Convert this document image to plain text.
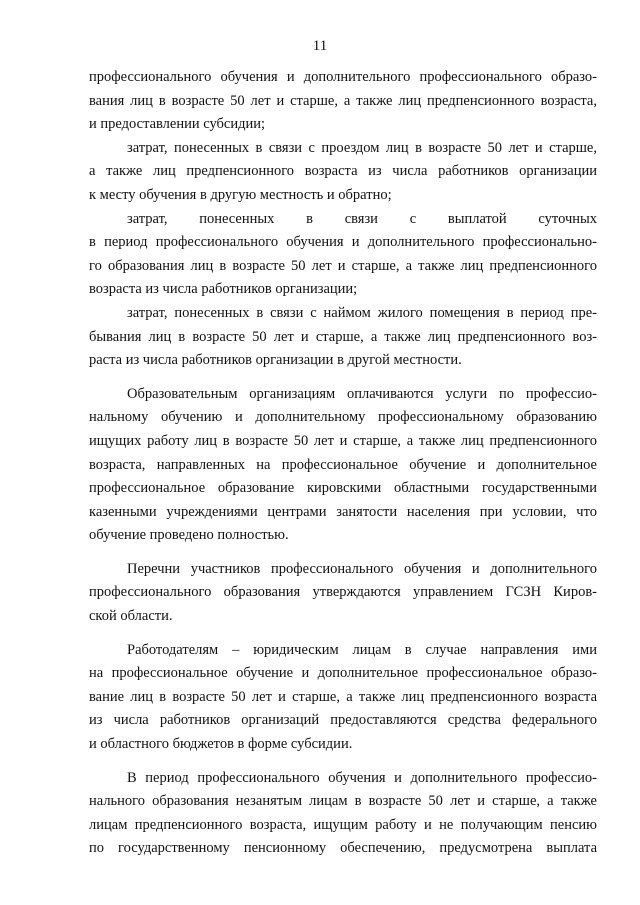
11
профессионального обучения и дополнительного профессионального образо-
вания лиц в возрасте 50 лет и старше, а также лиц предпенсионного возраста,
и предоставлении субсидии;
затрат, понесенных в связи с проездом лиц в возрасте 50 лет и старше,
а также лиц предпенсионного возраста из числа работников организации
к месту обучения в другую местность и обратно;
затрат, понесенных в связи с выплатой суточных
в период профессионального обучения и дополнительного профессионально-
го образования лиц в возрасте 50 лет и старше, а также лиц предпенсионного
возраста из числа работников организации;
затрат, понесенных в связи с наймом жилого помещения в период пре-
бывания лиц в возрасте 50 лет и старше, а также лиц предпенсионного воз-
раста из числа работников организации в другой местности.
Образовательным организациям оплачиваются услуги по профессио-
нальному обучению и дополнительному профессиональному образованию
ищущих работу лиц в возрасте 50 лет и старше, а также лиц предпенсионного
возраста, направленных на профессиональное обучение и дополнительное
профессиональное образование кировскими областными государственными
казенными учреждениями центрами занятости населения при условии, что
обучение проведено полностью.
Перечни участников профессионального обучения и дополнительного
профессионального образования утверждаются управлением ГСЗН Киров-
ской области.
Работодателям – юридическим лицам в случае направления ими
на профессиональное обучение и дополнительное профессиональное образо-
вание лиц в возрасте 50 лет и старше, а также лиц предпенсионного возраста
из числа работников организаций предоставляются средства федерального
и областного бюджетов в форме субсидии.
В период профессионального обучения и дополнительного профессио-
нального образования незанятым лицам в возрасте 50 лет и старше, а также
лицам предпенсионного возраста, ищущим работу и не получающим пенсию
по государственному пенсионному обеспечению, предусмотрена выплата
